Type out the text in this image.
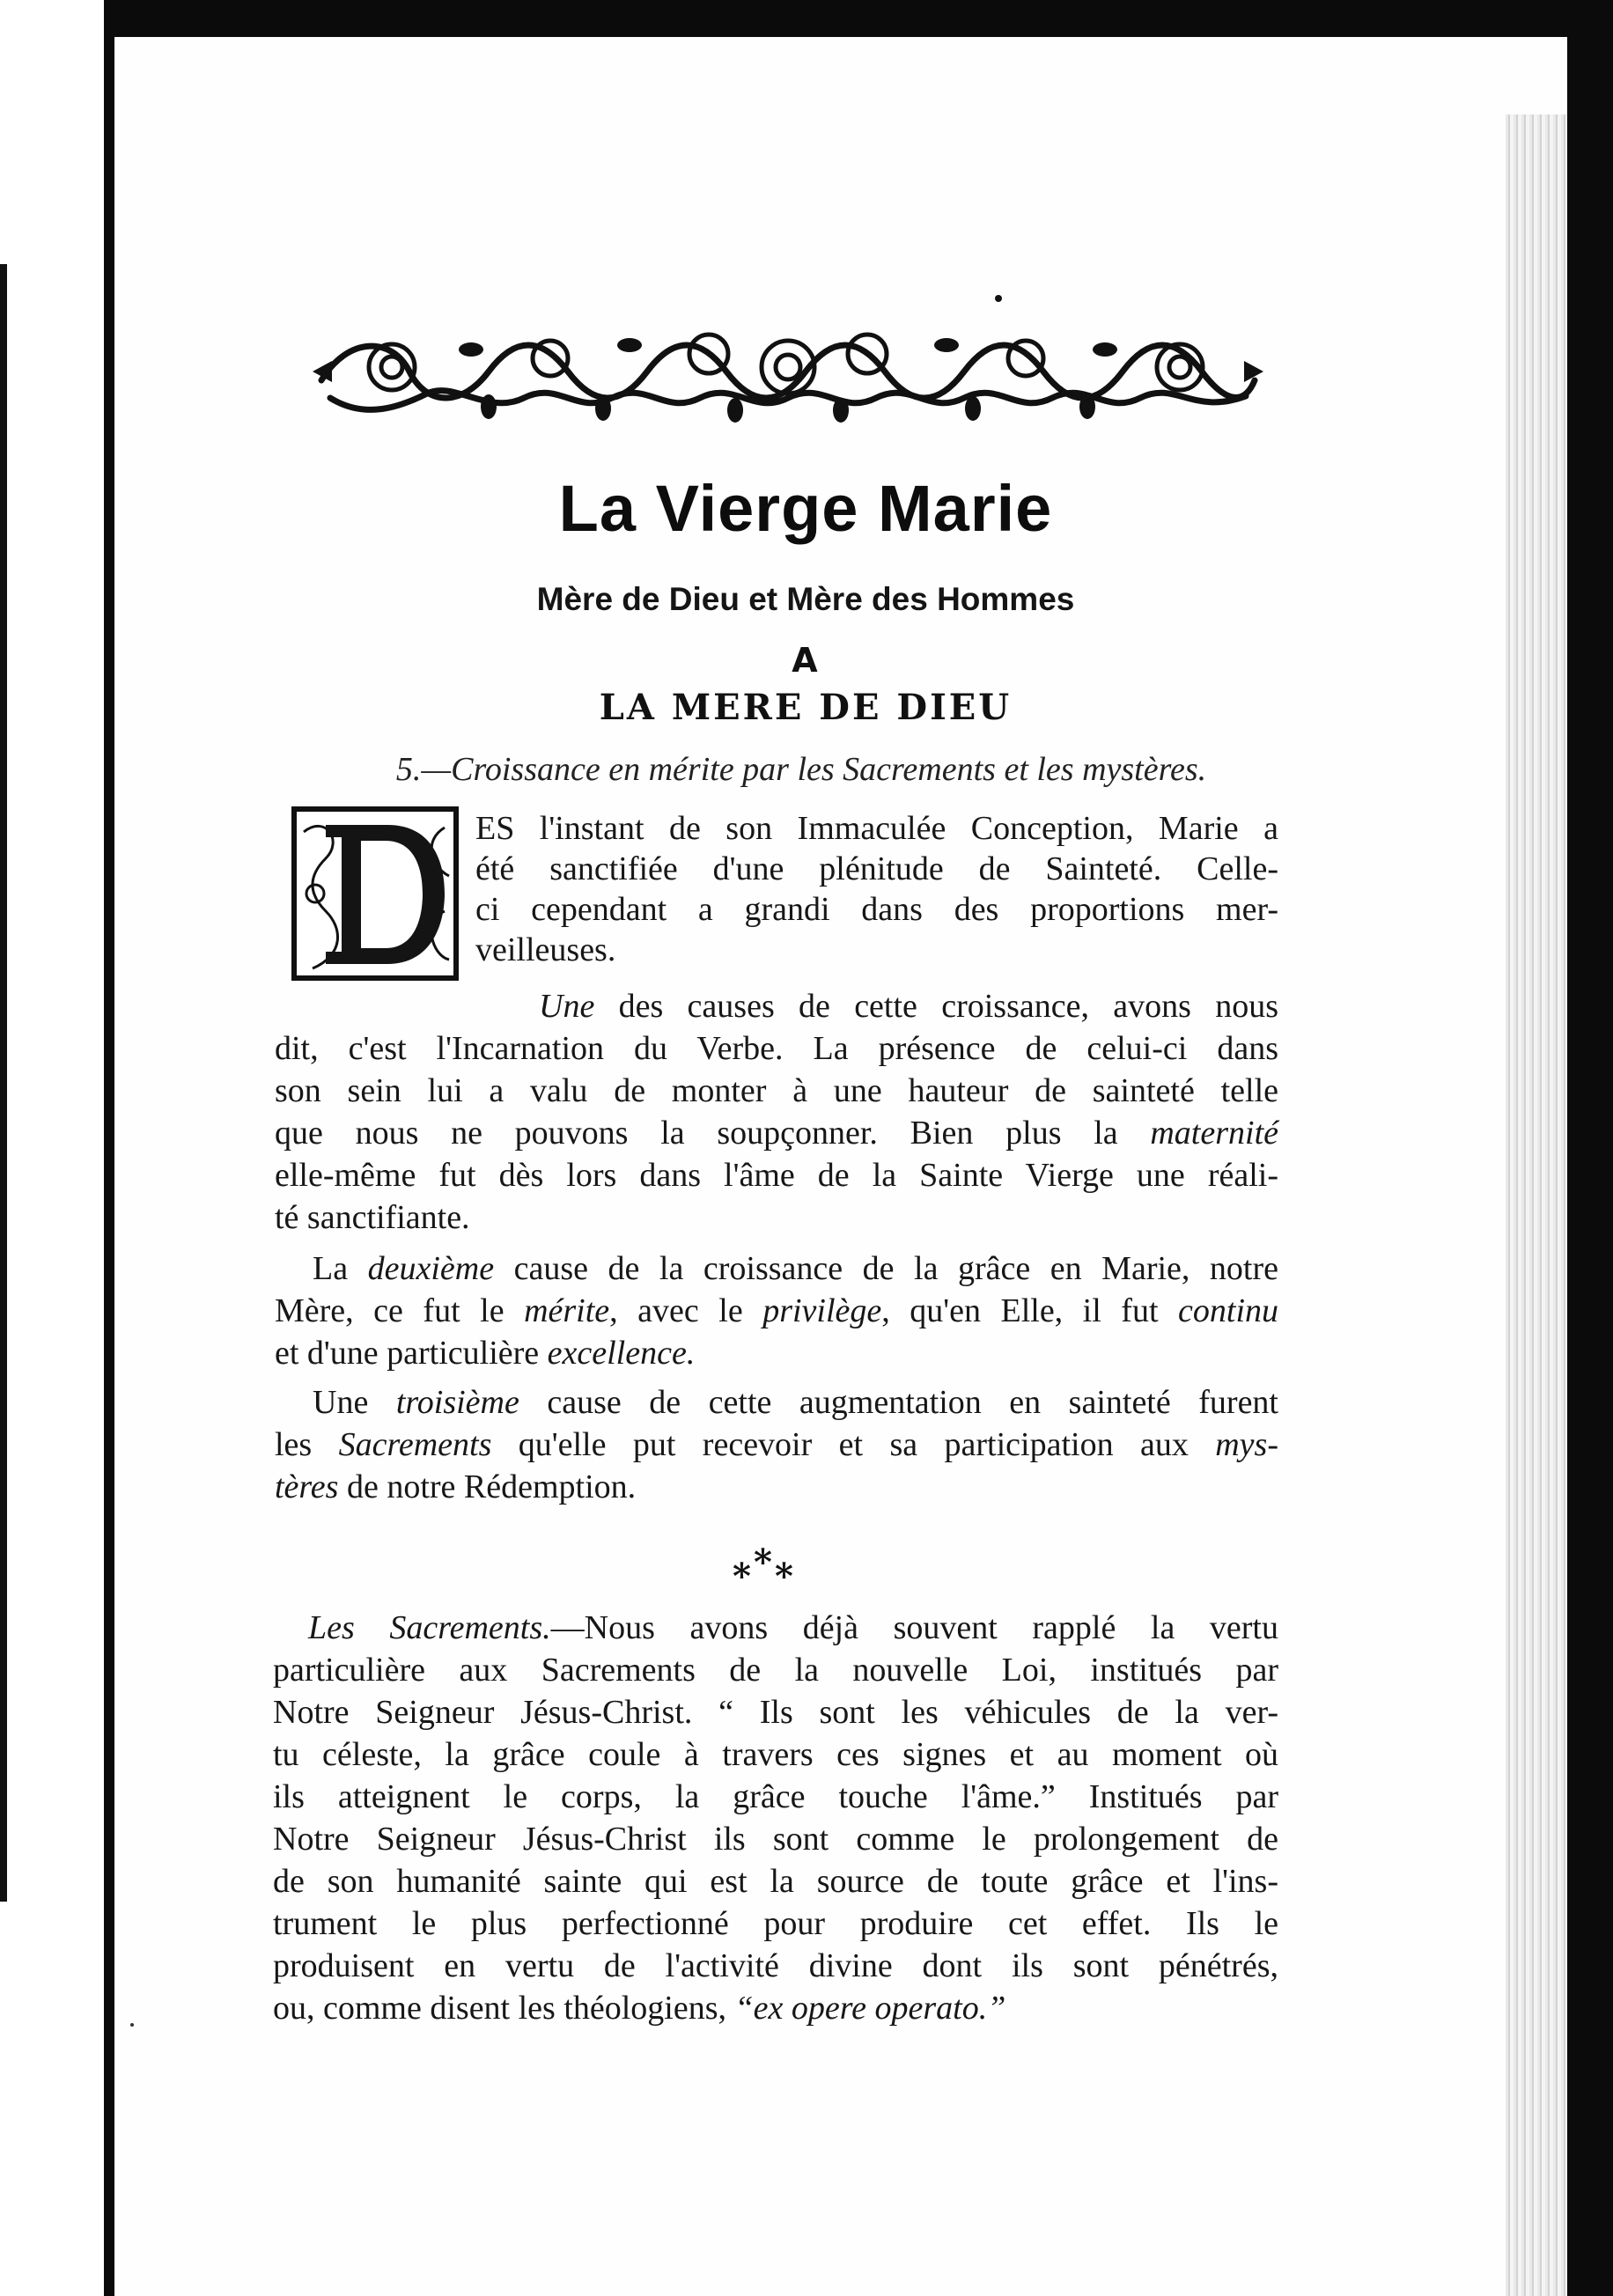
La Vierge Marie
Mère de Dieu et Mère des Hommes
A
LA MERE DE DIEU
5.—Croissance en mérite par les Sacrements et les mystères.

ES l'instant de son Immaculée Conception, Marie a

été sanctifiée d'une plénitude de Sainteté. Celle-

ci cependant a grandi dans des proportions mer-

veilleuses.

Une des causes de cette croissance, avons nous

dit, c'est l'Incarnation du Verbe. La présence de celui-ci dans

son sein lui a valu de monter à une hauteur de sainteté telle

que nous ne pouvons la soupçonner. Bien plus la maternité

elle-même fut dès lors dans l'âme de la Sainte Vierge une réali-

té sanctifiante.

La deuxième cause de la croissance de la grâce en Marie, notre

Mère, ce fut le mérite, avec le privilège, qu'en Elle, il fut continu

et d'une particulière excellence.

Une troisième cause de cette augmentation en sainteté furent

les Sacrements qu'elle put recevoir et sa participation aux mys-

tères de notre Rédemption.

* * *

Les Sacrements.—Nous avons déjà souvent rapplé la vertu

particulière aux Sacrements de la nouvelle Loi, institués par

Notre Seigneur Jésus-Christ. “ Ils sont les véhicules de la ver-

tu céleste, la grâce coule à travers ces signes et au moment où

ils atteignent le corps, la grâce touche l'âme.” Institués par

Notre Seigneur Jésus-Christ ils sont comme le prolongement de

de son humanité sainte qui est la source de toute grâce et l'ins-

trument le plus perfectionné pour produire cet effet. Ils le

produisent en vertu de l'activité divine dont ils sont pénétrés,

ou, comme disent les théologiens, “ex opere operato.”
